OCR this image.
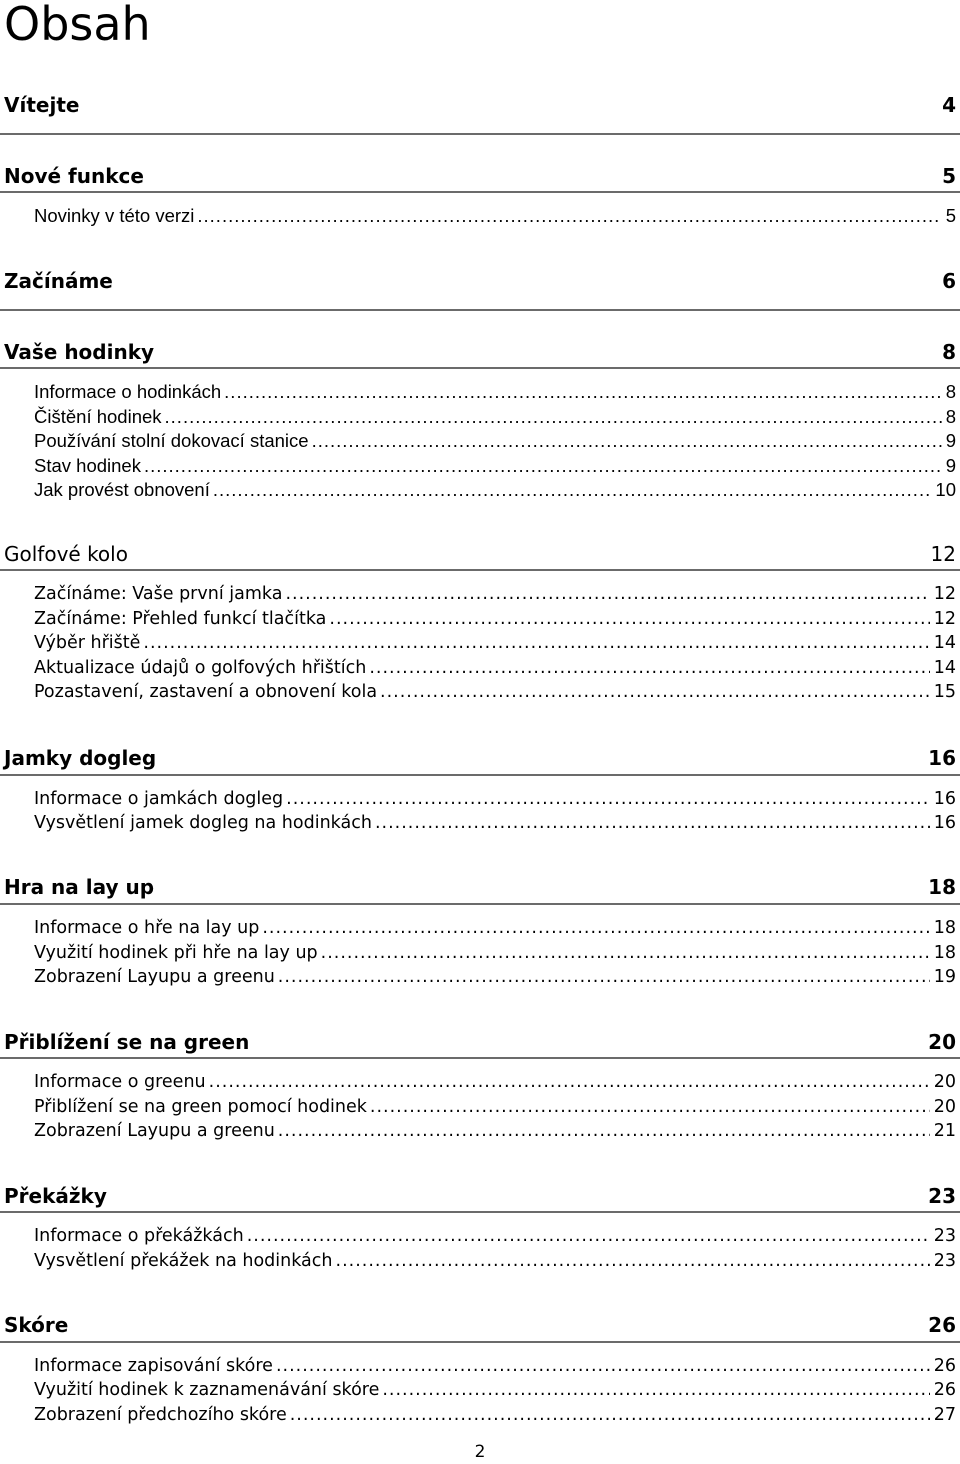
Obsah
Vítejte	4
Nové funkce	5
Novinky v této verzi .....	5
Začínáme	6
Vaše hodinky	8
Informace o hodinkách .....	8
Čištění hodinek .....	8
Používání stolní dokovací stanice .....	9
Stav hodinek .....	9
Jak provést obnovení .....	10
Golfové kolo	12
Začínáme: Vaše první jamka .....	12
Začínáme: Přehled funkcí tlačítka .....	12
Výběr hřiště .....	14
Aktualizace údajů o golfových hřištích .....	14
Pozastavení, zastavení a obnovení kola .....	15
Jamky dogleg	16
Informace o jamkách dogleg .....	16
Vysvětlení jamek dogleg na hodinkách .....	16
Hra na lay up	18
Informace o hře na lay up .....	18
Využití hodinek při hře na lay up .....	18
Zobrazení Layupu a greenu .....	19
Přiblížení se na green	20
Informace o greenu .....	20
Přiblížení se na green pomocí hodinek .....	20
Zobrazení Layupu a greenu .....	21
Překážky	23
Informace o překážkách .....	23
Vysvětlení překážek na hodinkách .....	23
Skóre	26
Informace zapisování skóre .....	26
Využití hodinek k zaznamenávání skóre .....	26
Zobrazení předchozího skóre .....	27
2
